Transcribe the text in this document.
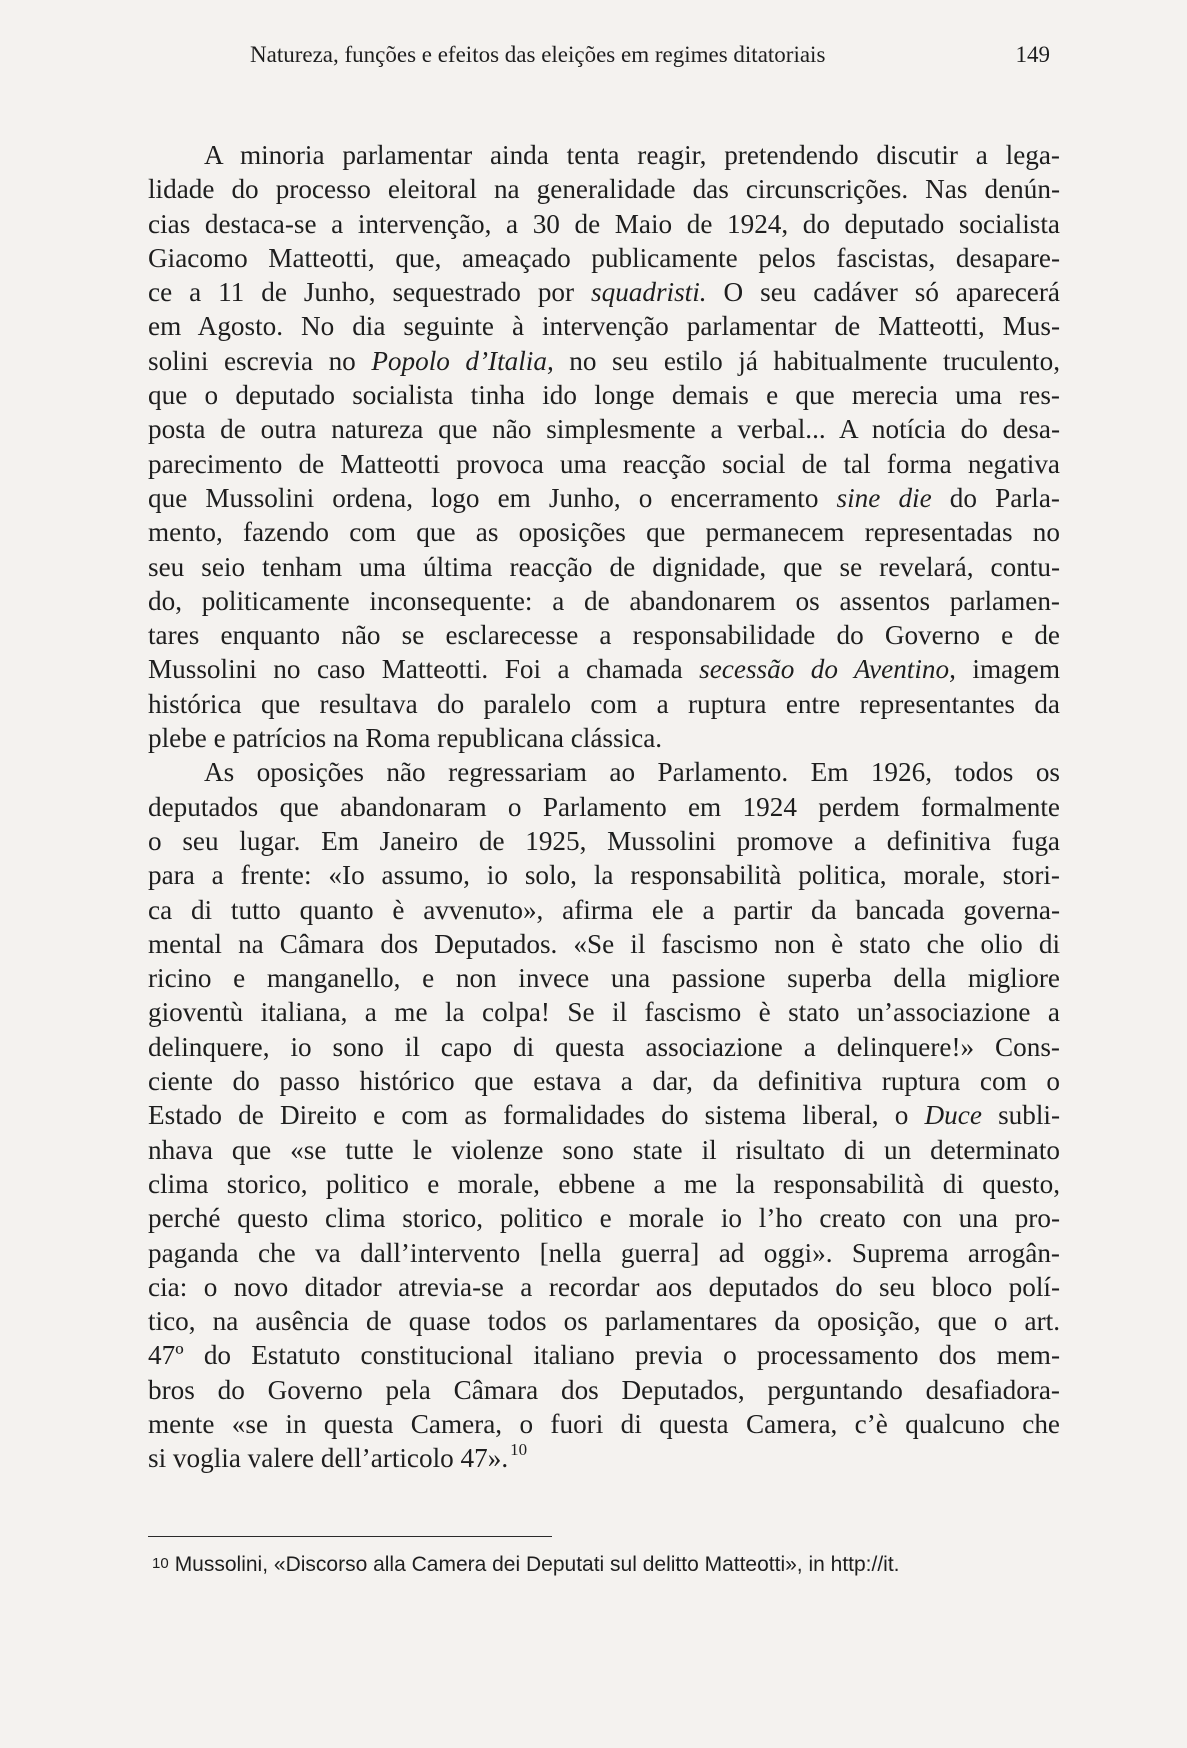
Natureza, funções e efeitos das eleições em regimes ditatoriais	149
A minoria parlamentar ainda tenta reagir, pretendendo discutir a lega-
lidade do processo eleitoral na generalidade das circunscrições. Nas denún-
cias destaca-se a intervenção, a 30 de Maio de 1924, do deputado socialista
Giacomo Matteotti, que, ameaçado publicamente pelos fascistas, desapare-
ce a 11 de Junho, sequestrado por squadristi. O seu cadáver só aparecerá
em Agosto. No dia seguinte à intervenção parlamentar de Matteotti, Mus-
solini escrevia no Popolo d’Italia, no seu estilo já habitualmente truculento,
que o deputado socialista tinha ido longe demais e que merecia uma res-
posta de outra natureza que não simplesmente a verbal... A notícia do desa-
parecimento de Matteotti provoca uma reacção social de tal forma negativa
que Mussolini ordena, logo em Junho, o encerramento sine die do Parla-
mento, fazendo com que as oposições que permanecem representadas no
seu seio tenham uma última reacção de dignidade, que se revelará, contu-
do, politicamente inconsequente: a de abandonarem os assentos parlamen-
tares enquanto não se esclarecesse a responsabilidade do Governo e de
Mussolini no caso Matteotti. Foi a chamada secessão do Aventino, imagem
histórica que resultava do paralelo com a ruptura entre representantes da
plebe e patrícios na Roma republicana clássica.
As oposições não regressariam ao Parlamento. Em 1926, todos os
deputados que abandonaram o Parlamento em 1924 perdem formalmente
o seu lugar. Em Janeiro de 1925, Mussolini promove a definitiva fuga
para a frente: «Io assumo, io solo, la responsabilità politica, morale, stori-
ca di tutto quanto è avvenuto», afirma ele a partir da bancada governa-
mental na Câmara dos Deputados. «Se il fascismo non è stato che olio di
ricino e manganello, e non invece una passione superba della migliore
gioventù italiana, a me la colpa! Se il fascismo è stato un’associazione a
delinquere, io sono il capo di questa associazione a delinquere!» Cons-
ciente do passo histórico que estava a dar, da definitiva ruptura com o
Estado de Direito e com as formalidades do sistema liberal, o Duce subli-
nhava que «se tutte le violenze sono state il risultato di un determinato
clima storico, politico e morale, ebbene a me la responsabilità di questo,
perché questo clima storico, politico e morale io l’ho creato con una pro-
paganda che va dall’intervento [nella guerra] ad oggi». Suprema arrogân-
cia: o novo ditador atrevia-se a recordar aos deputados do seu bloco polí-
tico, na ausência de quase todos os parlamentares da oposição, que o art.
47º do Estatuto constitucional italiano previa o processamento dos mem-
bros do Governo pela Câmara dos Deputados, perguntando desafiadora-
mente «se in questa Camera, o fuori di questa Camera, c’è qualcuno che
si voglia valere dell’articolo 47». $^{10}$
10 Mussolini, «Discorso alla Camera dei Deputati sul delitto Matteotti», in http://it.
